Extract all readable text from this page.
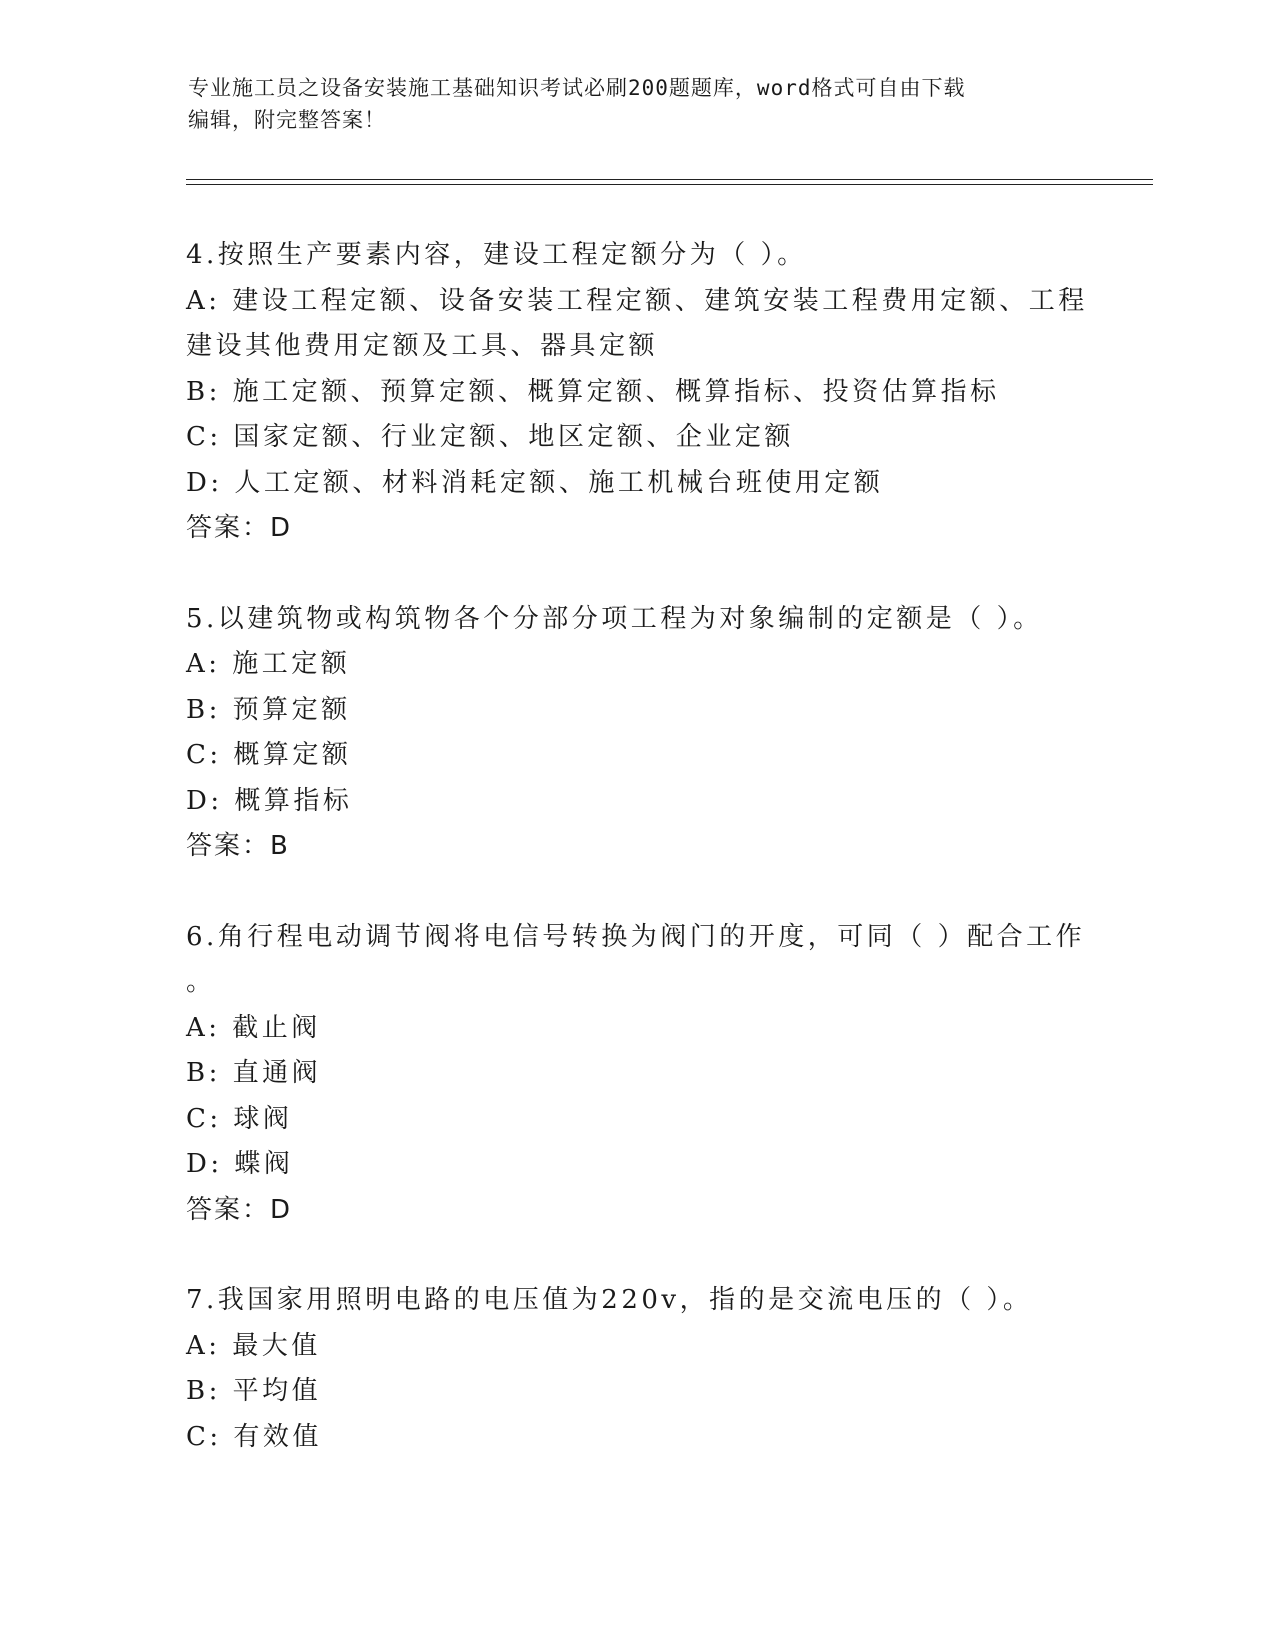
专业施工员之设备安装施工基础知识考试必刷200题题库，word格式可自由下载
编辑，附完整答案！
4.按照生产要素内容，建设工程定额分为（ ）。
A: 建设工程定额、设备安装工程定额、建筑安装工程费用定额、工程
建设其他费用定额及工具、器具定额
B: 施工定额、预算定额、概算定额、概算指标、投资估算指标
C: 国家定额、行业定额、地区定额、企业定额
D: 人工定额、材料消耗定额、施工机械台班使用定额
答案：D
5.以建筑物或构筑物各个分部分项工程为对象编制的定额是（ ）。
A: 施工定额
B: 预算定额
C: 概算定额
D: 概算指标
答案：B
6.角行程电动调节阀将电信号转换为阀门的开度，可同（ ）配合工作
。
A: 截止阀
B: 直通阀
C: 球阀
D: 蝶阀
答案：D
7.我国家用照明电路的电压值为220v，指的是交流电压的（ ）。
A: 最大值
B: 平均值
C: 有效值
